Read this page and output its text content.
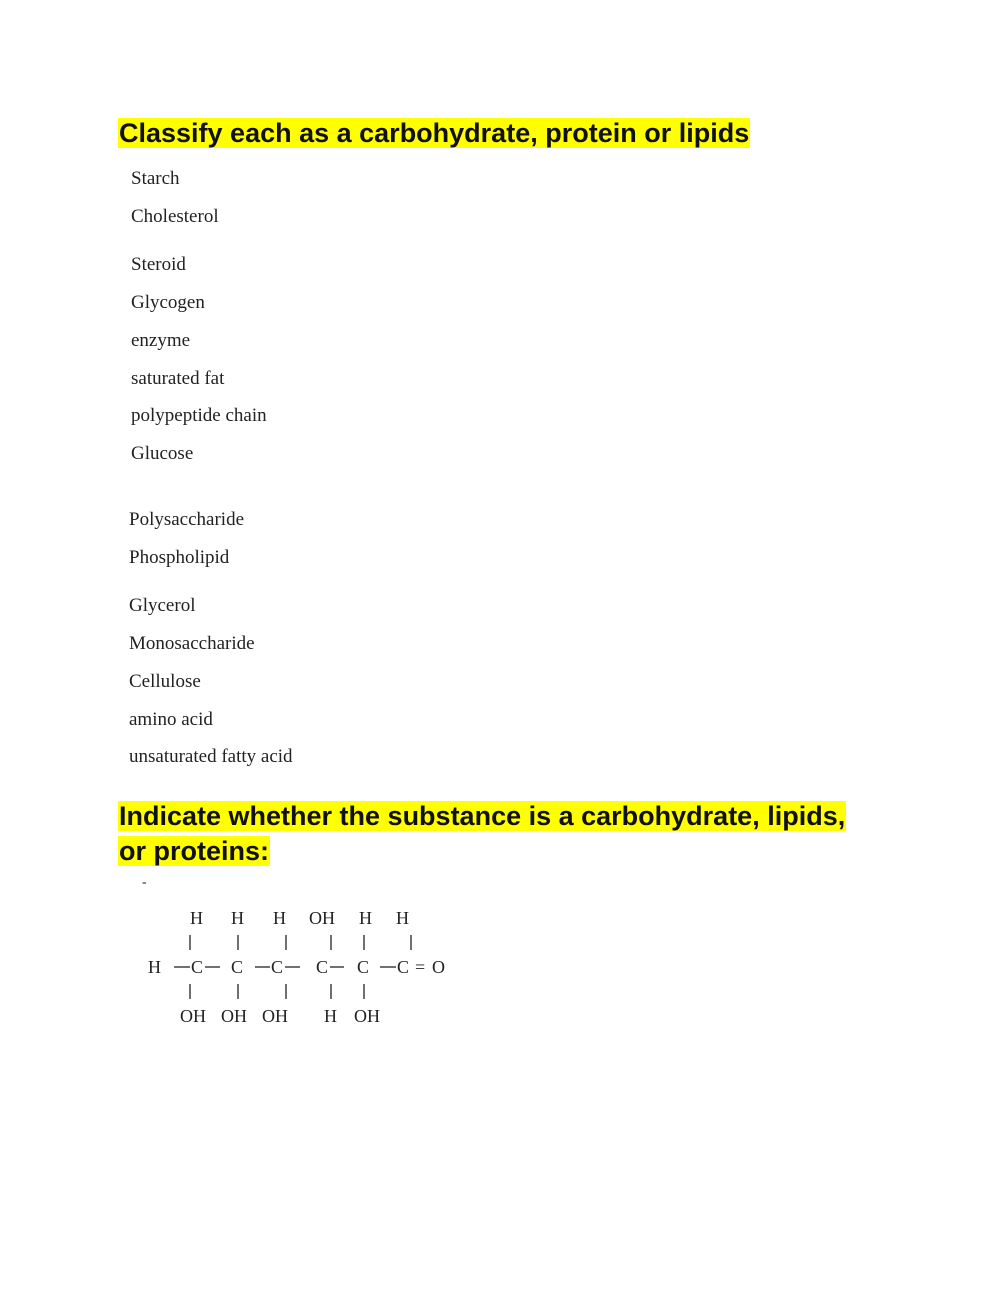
Classify each as a carbohydrate, protein or lipids
Starch
Cholesterol
Steroid
Glycogen
enzyme
saturated fat
polypeptide chain
Glucose
Polysaccharide
Phospholipid
Glycerol
Monosaccharide
Cellulose
amino acid
unsaturated fatty acid
Indicate whether the substance is a carbohydrate, lipids,
or proteins:
-
H H H OH H H
H C C C C C C = O
OH OH OH H OH
